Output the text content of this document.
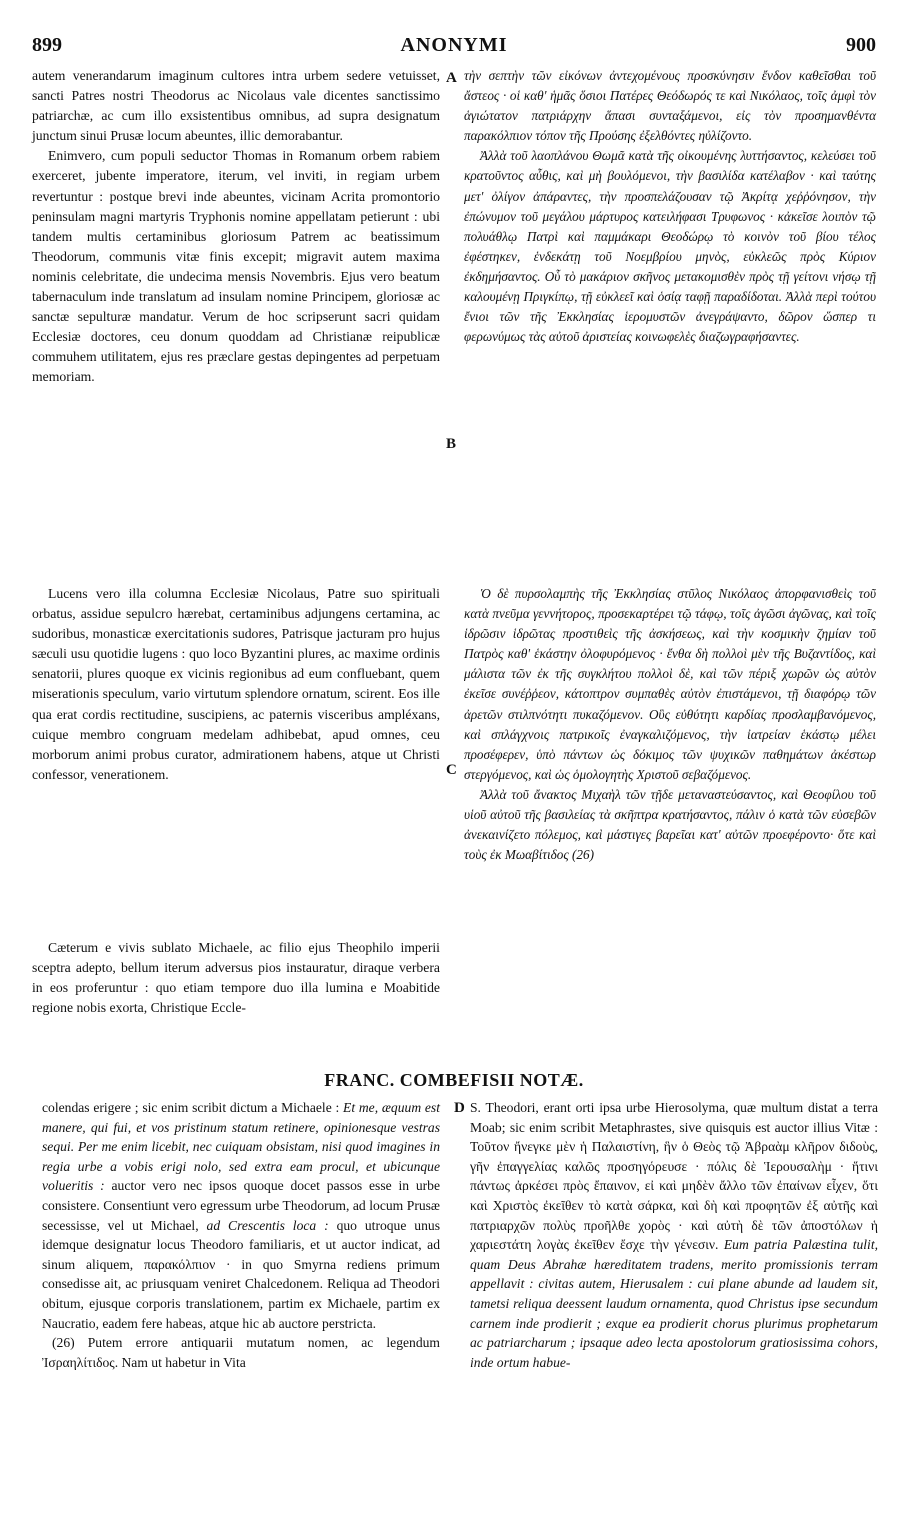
899	ANONYMI	900

autem venerandarum imaginum cultores intra urbem sedere vetuisset, sancti Patres nostri Theodorus ac Nicolaus vale dicentes sanctissimo patriarchæ, ac cum illo exsistentibus omnibus, ad supra designatum junctum sinui Prusæ locum abeuntes, illic demorabantur.

Enimvero, cum populi seductor Thomas in Romanum orbem rabiem exerceret, jubente imperatore, iterum, vel inviti, in regiam urbem revertuntur : postque brevi inde abeuntes, vicinam Acrita promontorio peninsulam magni martyris Tryphonis nomine appellatam petierunt : ubi tandem multis certaminibus gloriosum Patrem ac beatissimum Theodorum, communis vitæ finis excepit; migravit autem maxima nominis celebritate, die undecima mensis Novembris. Ejus vero beatum tabernaculum inde translatum ad insulam nomine Principem, gloriosæ ac sanctæ sepulturæ mandatur. Verum de hoc scripserunt sacri quidam Ecclesiæ doctores, ceu donum quoddam ad Christianæ reipublicæ commuhem utilitatem, ejus res præclare gestas depingentes ad perpetuam memoriam.

Lucens vero illa columna Ecclesiæ Nicolaus, Patre suo spirituali orbatus, assidue sepulcro hærebat, certaminibus adjungens certamina, ac sudoribus, monasticæ exercitationis sudores, Patrisque jacturam pro hujus sæculi usu quotidie lugens : quo loco Byzantini plures, ac maxime ordinis senatorii, plures quoque ex vicinis regionibus ad eum confluebant, quem miserationis speculum, vario virtutum splendore ornatum, scirent. Eos ille qua erat cordis rectitudine, suscipiens, ac paternis visceribus ampléxans, cuique membro congruam medelam adhibebat, apud omnes, ceu morborum animi probus curator, admirationem habens, atque ut Christi confessor, venerationem.

Cæterum e vivis sublato Michaele, ac filio ejus Theophilo imperii sceptra adepto, bellum iterum adversus pios instauratur, diraque verbera in eos proferuntur : quo etiam tempore duo illa lumina e Moabitide regione nobis exorta, Christique Eccle-

τὴν σεπτὴν τῶν εἰκόνων ἀντεχομένους προσκύνησιν ἔνδον καθεῖσθαι τοῦ ἄστεος · οἱ καθ' ἡμᾶς ὅσιοι Πατέρες Θεόδωρός τε καὶ Νικόλαος, τοῖς ἀμφὶ τὸν ἁγιώτατον πατριάρχην ἅπασι συνταξάμενοι, εἰς τὸν προσημανθέντα παρακόλπιον τόπον τῆς Προύσης ἐξελθόντες ηὐλίζοντο.

Ἀλλὰ τοῦ λαοπλάνου Θωμᾶ κατὰ τῆς οἰκουμένης λυττήσαντος, κελεύσει τοῦ κρατοῦντος αὖθις, καὶ μὴ βουλόμενοι, τὴν βασιλίδα κατέλαβον · καὶ ταύτης μετ' ὀλίγον ἀπάραντες, τὴν προσπελάζουσαν τῷ Ἀκρίτᾳ χεῤῥόνησον, τὴν ἐπώνυμον τοῦ μεγάλου μάρτυρος κατειλήφασι Τρυφωνος · κἀκεῖσε λοιπὸν τῷ πολυάθλῳ Πατρὶ καὶ παμμάκαρι Θεοδώρῳ τὸ κοινὸν τοῦ βίου τέλος ἐφέστηκεν, ἑνδεκάτῃ τοῦ Νοεμβρίου μηνὸς, εὐκλεῶς πρὸς Κύριον ἐκδημήσαντος. Οὗ τὸ μακάριον σκῆνος μετακομισθὲν πρὸς τῇ γείτονι νήσῳ τῇ καλουμένῃ Πριγκίπῳ, τῇ εὐκλεεῖ καὶ ὁσίᾳ ταφῇ παραδίδοται. Ἀλλὰ περὶ τούτου ἔνιοι τῶν τῆς Ἐκκλησίας ἱερομυστῶν ἀνεγράψαντο, δῶρον ὥσπερ τι φερωνύμως τὰς αὐτοῦ ἀριστείας κοινωφελὲς διαζωγραφήσαντες.

Ὁ δὲ πυρσολαμπὴς τῆς Ἐκκλησίας στῦλος Νικόλαος ἀπορφανισθεὶς τοῦ κατὰ πνεῦμα γεννήτορος, προσεκαρτέρει τῷ τάφῳ, τοῖς ἀγῶσι ἀγῶνας, καὶ τοῖς ἱδρῶσιν ἱδρῶτας προστιθεὶς τῆς ἀσκήσεως, καὶ τὴν κοσμικὴν ζημίαν τοῦ Πατρὸς καθ' ἑκάστην ὀλοφυρόμενος · ἔνθα δὴ πολλοὶ μὲν τῆς Βυζαντίδος, καὶ μάλιστα τῶν ἐκ τῆς συγκλήτου πολλοὶ δὲ, καὶ τῶν πέριξ χωρῶν ὡς αὐτὸν ἐκεῖσε συνέῤῥεον, κάτοπτρον συμπαθὲς αὐτὸν ἐπιστάμενοι, τῇ διαφόρῳ τῶν ἀρετῶν στιλπνότητι πυκαζόμενον. Οὓς εὐθύτητι καρδίας προσλαμβανόμενος, καὶ σπλάγχνοις πατρικοῖς ἐναγκαλιζόμενος, τὴν ἰατρείαν ἑκάστῳ μέλει προσέφερεν, ὑπὸ πάντων ὡς δόκιμος τῶν ψυχικῶν παθημάτων ἀκέστωρ στεργόμενος, καὶ ὡς ὁμολογητὴς Χριστοῦ σεβαζόμενος.

Ἀλλὰ τοῦ ἄνακτος Μιχαὴλ τῶν τῇδε μεταναστεύσαντος, καὶ Θεοφίλου τοῦ υἱοῦ αὐτοῦ τῆς βασιλείας τὰ σκῆπτρα κρατήσαντος, πάλιν ὁ κατὰ τῶν εὐσεβῶν ἀνεκαινίζετο πόλεμος, καὶ μάστιγες βαρεῖαι κατ' αὐτῶν προεφέροντο· ὅτε καὶ τοὺς ἐκ Μωαβίτιδος (26)

A
B
C
D
FRANC. COMBEFISII NOTÆ.

colendas erigere ; sic enim scribit dictum a Michaele : Et me, æquum est manere, qui fui, et vos pristinum statum retinere, opinionesque vestras sequi. Per me enim licebit, nec cuiquam obsistam, nisi quod imagines in regia urbe a vobis erigi nolo, sed extra eam procul, et ubicunque volueritis : auctor vero nec ipsos quoque docet passos esse in urbe consistere. Consentiunt vero egressum urbe Theodorum, ad locum Prusæ secessisse, vel ut Michael, ad Crescentis loca : quo utroque unus idemque designatur locus Theodoro familiaris, et ut auctor indicat, ad sinum aliquem, παρακόλπιον · in quo Smyrna rediens primum consedisse ait, ac priusquam veniret Chalcedonem. Reliqua ad Theodori obitum, ejusque corporis translationem, partim ex Michaele, partim ex Naucratio, eadem fere habeas, atque hic ab auctore perstricta.

(26) Putem errore antiquarii mutatum nomen, ac legendum Ἰσραηλίτιδος. Nam ut habetur in Vita

S. Theodori, erant orti ipsa urbe Hierosolyma, quæ multum distat a terra Moab; sic enim scribit Metaphrastes, sive quisquis est auctor illius Vitæ : Τοῦτον ἤνεγκε μὲν ἡ Παλαιστίνη, ἣν ὁ Θεὸς τῷ Ἀβραὰμ κλῆρον διδοὺς, γῆν ἐπαγγελίας καλῶς προσηγόρευσε · πόλις δὲ Ἱερουσαλὴμ · ἥτινι πάντως ἀρκέσει πρὸς ἔπαινον, εἰ καὶ μηδὲν ἄλλο τῶν ἐπαίνων εἶχεν, ὅτι καὶ Χριστὸς ἐκεῖθεν τὸ κατὰ σάρκα, καὶ δὴ καὶ προφητῶν ἐξ αὐτῆς καὶ πατριαρχῶν πολὺς προῆλθε χορὸς · καὶ αὐτὴ δὲ τῶν ἀποστόλων ἡ χαριεστάτη λογὰς ἐκεῖθεν ἔσχε τὴν γένεσιν. Eum patria Palæstina tulit, quam Deus Abrahæ hæreditatem tradens, merito promissionis terram appellavit : civitas autem, Hierusalem : cui plane abunde ad laudem sit, tametsi reliqua deessent laudum ornamenta, quod Christus ipse secundum carnem inde prodierit ; exque ea prodierit chorus plurimus prophetarum ac patriarcharum ; ipsaque adeo lecta apostolorum gratiosissima cohors, inde ortum habue-
